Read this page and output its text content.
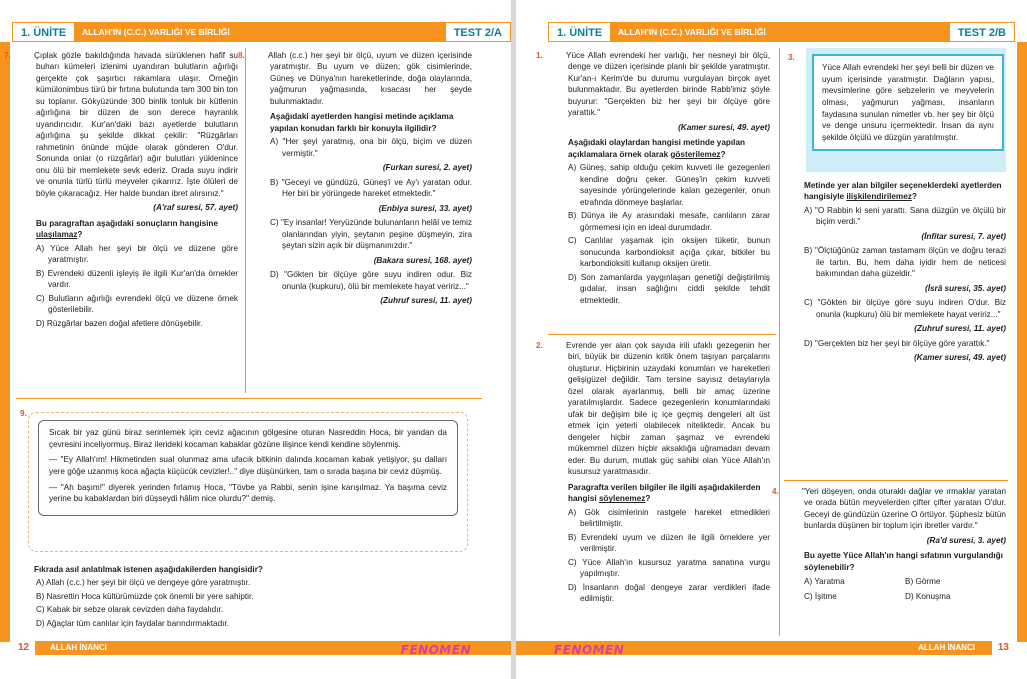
1. ÜNİTE	ALLAH'IN (C.C.) VARLIĞI VE BİRLİĞİ	TEST 2/A
7.	Çıplak gözle bakıldığında havada sürüklenen hafif su buharı kümeleri izlenimi uyandıran bulutların ağırlığı gerçekte çok şaşırtıcı rakamlara ulaşır. Örneğin kümülonimbus türü bir fırtına bulutunda tam 300 bin ton su toplanır. Gökyüzünde 300 binlik tonluk bir kütlenin ağırlığına bir düzen de son derece hayranlık uyandırıcıdır. Kur'an'daki bazı ayetlerde bulutların ağırlığına şu şekilde dikkat çekilir: "Rüzgârları rahmetinin önünde müjde olarak gönderen O'dur. Sonunda onlar (o rüzgârlar) ağır bulutları yüklenince onu ölü bir memlekete sevk ederiz. Orada suyu indirir ve onunla türlü türlü meyveler çıkarırız. İşte ölüleri de böyle çıkaracağız. Her halde bundan ibret alırsınız."
(A'raf suresi, 57. ayet)
Bu paragraftan aşağıdaki sonuçların hangisine ulaşılamaz?
A) Yüce Allah her şeyi bir ölçü ve düzene göre yaratmıştır.
B) Evrendeki düzenli işleyiş ile ilgili Kur'an'da örnekler vardır.
C) Bulutların ağırlığı evrendeki ölçü ve düzene örnek gösterilebilir.
D) Rüzgârlar bazen doğal afetlere dönüşebilir.
8.	Allah (c.c.) her şeyi bir ölçü, uyum ve düzen içerisinde yaratmıştır. Bu uyum ve düzen; gök cisimlerinde, Güneş ve Dünya'nın hareketlerinde, doğa olaylarında, yağmurun yağmasında, kısacası her şeyde bulunmaktadır.
Aşağıdaki ayetlerden hangisi metinde açıklama yapılan konudan farklı bir konuyla ilgilidir?
A) "Her şeyi yaratmış, ona bir ölçü, biçim ve düzen vermiştir."
(Furkan suresi, 2. ayet)
B) "Geceyi ve gündüzü, Güneş'i ve Ay'ı yaratan odur. Her biri bir yörüngede hareket etmektedir."
(Enbiya suresi, 33. ayet)
C) "Ey insanlar! Yeryüzünde bulunanların helâl ve temiz olanlarından yiyin, şeytanın peşine düşmeyin, zira şeytan sizin açık bir düşmanınızdır."
(Bakara suresi, 168. ayet)
D) "Gökten bir ölçüye göre suyu indiren odur. Biz onunla (kupkuru), ölü bir memlekete hayat veririz..."
(Zuhruf suresi, 11. ayet)
9.

Sıcak bir yaz günü biraz serinlemek için ceviz ağacının gölgesine oturan Nasreddin Hoca, bir yandan da çevresini inceliyormuş. Biraz ilerideki kocaman kabaklar gözüne ilişince kendi kendine söylenmiş.

— "Ey Allah'ım! Hikmetinden sual olunmaz ama ufacık bitkinin dalında kocaman kabak yetişiyor, şu dalları yere göğe uzanmış koca ağaçta küçücük cevizler!.." diye düşünürken, tam o sırada başına bir ceviz düşmüş.

— "Ah başım!" diyerek yerinden fırlamış Hoca, "Tövbe ya Rabbi, senin işine karışılmaz. Ya başıma ceviz yerine bu kabaklardan biri düşseydi hâlim nice olurdu?" demiş.

Fıkrada asıl anlatılmak istenen aşağıdakilerden hangisidir?
A) Allah (c.c.) her şeyi bir ölçü ve dengeye göre yaratmıştır.
B) Nasrettin Hoca kültürümüzde çok önemli bir yere sahiptir.
C) Kabak bir sebze olarak cevizden daha faydalıdır.
D) Ağaçlar tüm canlılar için faydalar barındırmaktadır.
12	ALLAH İNANCI	FENOMEN
1. ÜNİTE	ALLAH'IN (C.C.) VARLIĞI VE BİRLİĞİ	TEST 2/B
1.	Yüce Allah evrendeki her varlığı, her nesneyi bir ölçü, denge ve düzen içerisinde planlı bir şekilde yaratmıştır. Kur'an-ı Kerim'de bu durumu vurgulayan birçok ayet bulunmaktadır. Bu ayetlerden birinde Rabb'imiz şöyle buyurur: "Gerçekten biz her şeyi bir ölçüye göre yarattık."
(Kamer suresi, 49. ayet)
Aşağıdaki olaylardan hangisi metinde yapılan açıklamalara örnek olarak gösterilemez?
A) Güneş, sahip olduğu çekim kuvveti ile gezegenleri kendine doğru çeker. Güneş'in çekim kuvveti sayesinde yörüngelerinde kalan gezegenler, onun etrafında dönmeye başlarlar.
B) Dünya ile Ay arasındaki mesafe, canlıların zarar görmemesi için en ideal durumdadır.
C) Canlılar yaşamak için oksijen tüketir, bunun sonucunda karbondioksit açığa çıkar, bitkiler bu karbondioksiti kullanıp oksijen üretir.
D) Son zamanlarda yaygınlaşan genetiği değiştirilmiş gıdalar, insan sağlığını ciddi şekilde tehdit etmektedir.
2.	Evrende yer alan çok sayıda irili ufaklı gezegenin her biri, büyük bir düzenin kritik önem taşıyan parçalarını oluşturur. Hiçbirinin uzaydaki konumları ve hareketleri gelişigüzel değildir. Tam tersine sayısız detaylarıyla özel olarak ayarlanmış, belli bir amaç üzerine yaratılmışlardır. Sadece gezegenlerin konumlarındaki ufak bir değişim bile iç içe geçmiş dengeleri alt üst etmek için yeterli olabilecek niteliktedir. Ancak bu dengeler hiçbir zaman şaşmaz ve evrendeki mükemmel düzen hiçbir aksaklığa uğramadan devam eder. Bu durum, mutlak güç sahibi olan Yüce Allah'ın kusursuz yaratmasıdır.
Paragrafta verilen bilgiler ile ilgili aşağıdakilerden hangisi söylenemez?
A) Gök cisimlerinin rastgele hareket etmedikleri belirtilmiştir.
B) Evrendeki uyum ve düzen ile ilgili örneklere yer verilmiştir.
C) Yüce Allah'ın kusursuz yaratma sanatına vurgu yapılmıştır.
D) İnsanların doğal dengeye zarar verdikleri ifade edilmiştir.
3.
Yüce Allah evrendeki her şeyi belli bir düzen ve uyum içerisinde yaratmıştır. Dağların yapısı, mevsimlerine göre sebzelerin ve meyvelerin olması, yağmurun yağması, insanların faydasına sunulan nimetler vb. her şey bir ölçü ve denge unsuru içermektedir. İnsan da aynı şekilde ölçülü ve düzgün yaratılmıştır.
Metinde yer alan bilgiler seçeneklerdeki ayetlerden hangisiyle ilişkilendirilemez?
A) "O Rabbin ki seni yarattı. Sana düzgün ve ölçülü bir biçim verdi."
(İnfitar suresi, 7. ayet)
B) "Ölçtüğünüz zaman tastamam ölçün ve doğru terazi ile tartın. Bu, hem daha iyidir hem de neticesi bakımından daha güzeldir."
(İsrâ suresi, 35. ayet)
C) "Gökten bir ölçüye göre suyu indiren O'dur. Biz onunla (kupkuru) ölü bir memlekete hayat veririz..."
(Zuhruf suresi, 11. ayet)
D) "Gerçekten biz her şeyi bir ölçüye göre yarattık."
(Kamer suresi, 49. ayet)
4.	"Yeri döşeyen, onda oturaklı dağlar ve ırmaklar yaratan ve orada bütün meyvelerden çifter çifter yaratan O'dur. Geceyi de gündüzün üzerine O örtüyor. Şüphesiz bütün bunlarda düşünen bir toplum için ibretler vardır."
(Ra'd suresi, 3. ayet)
Bu ayette Yüce Allah'ın hangi sıfatının vurgulandığı söylenebilir?
A) Yaratma	B) Görme
C) İşitme	D) Konuşma
ALLAH İNANCI	13
FENOMEN
